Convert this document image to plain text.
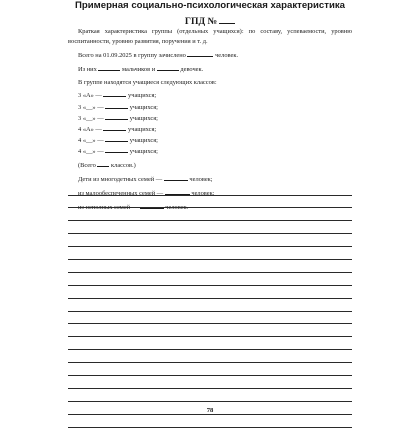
Примерная социально-психологическая характеристика
ГПД №

Краткая характеристика группы (отдельных учащихся): по составу, успеваемости, уровню воспитанности, уровню развития, поручения и т. д.

Всего на 01.09.2025 в группу зачислено	человек.

Из них	мальчиков и	девочек.

В группе находятся учащиеся следующих классов:

3 «А» —	учащихся;

3 «__» —	учащихся;

3 «__» —	учащихся;

4 «А» —	учащихся;

4 «__» —	учащихся;

4 «__» —	учащихся;

(Всего классов.)

Дети из многодетных семей —	человек;

из малообеспеченных семей —	человек;

из неполных семей —	человек.

78
